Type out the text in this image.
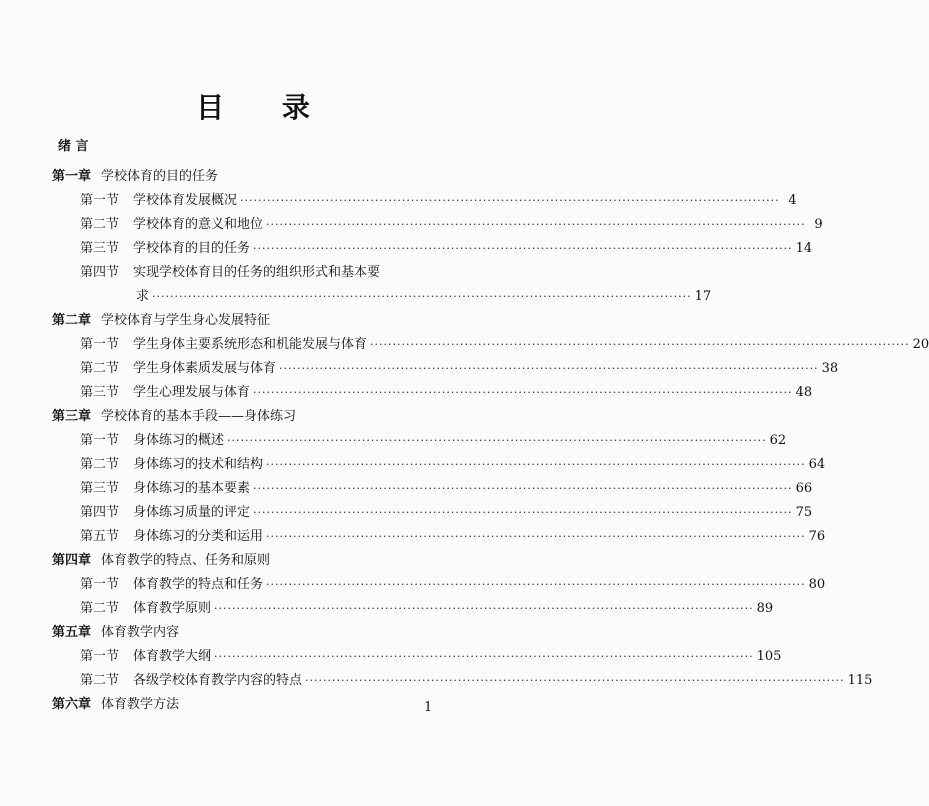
目 录
绪 言
第一章 学校体育的目的任务
第一节 学校体育发展概况 ························································································································ 4
第二节 学校体育的意义和地位 ························································································································ 9
第三节 学校体育的目的任务 ························································································································ 14
第四节 实现学校体育目的任务的组织形式和基本要
求 ························································································································ 17
第二章 学校体育与学生身心发展特征
第一节 学生身体主要系统形态和机能发展与体育 ························································································································ 20
第二节 学生身体素质发展与体育 ························································································································ 38
第三节 学生心理发展与体育 ························································································································ 48
第三章 学校体育的基本手段——身体练习
第一节 身体练习的概述 ························································································································ 62
第二节 身体练习的技术和结构 ························································································································ 64
第三节 身体练习的基本要素 ························································································································ 66
第四节 身体练习质量的评定 ························································································································ 75
第五节 身体练习的分类和运用 ························································································································ 76
第四章 体育教学的特点、任务和原则
第一节 体育教学的特点和任务 ························································································································ 80
第二节 体育教学原则 ························································································································ 89
第五章 体育教学内容
第一节 体育教学大纲 ························································································································ 105
第二节 各级学校体育教学内容的特点 ························································································································ 115
第六章 体育教学方法	1
